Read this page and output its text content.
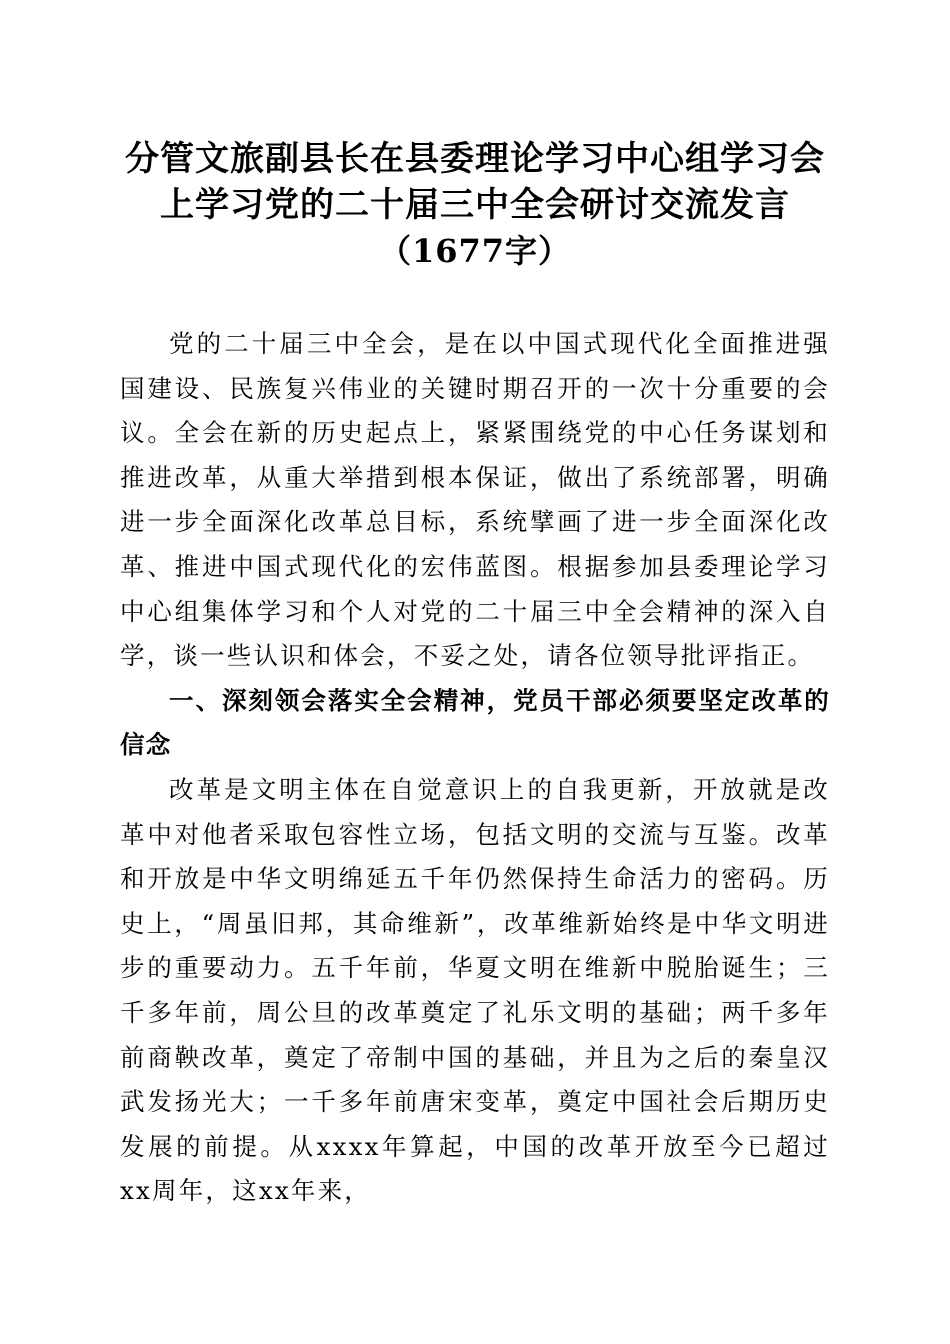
分管文旅副县长在县委理论学习中心组学习会
上学习党的二十届三中全会研讨交流发言
（1677字）

党的二十届三中全会，是在以中国式现代化全面推进强国建设、民族复兴伟业的关键时期召开的一次十分重要的会议。全会在新的历史起点上，紧紧围绕党的中心任务谋划和推进改革，从重大举措到根本保证，做出了系统部署，明确进一步全面深化改革总目标，系统擘画了进一步全面深化改革、推进中国式现代化的宏伟蓝图。根据参加县委理论学习中心组集体学习和个人对党的二十届三中全会精神的深入自学，谈一些认识和体会，不妥之处，请各位领导批评指正。

一、深刻领会落实全会精神，党员干部必须要坚定改革的信念

改革是文明主体在自觉意识上的自我更新，开放就是改革中对他者采取包容性立场，包括文明的交流与互鉴。改革和开放是中华文明绵延五千年仍然保持生命活力的密码。历史上，“周虽旧邦，其命维新”，改革维新始终是中华文明进步的重要动力。五千年前，华夏文明在维新中脱胎诞生；三千多年前，周公旦的改革奠定了礼乐文明的基础；两千多年前商鞅改革，奠定了帝制中国的基础，并且为之后的秦皇汉武发扬光大；一千多年前唐宋变革，奠定中国社会后期历史发展的前提。从xxxx年算起，中国的改革开放至今已超过xx周年，这xx年来，
